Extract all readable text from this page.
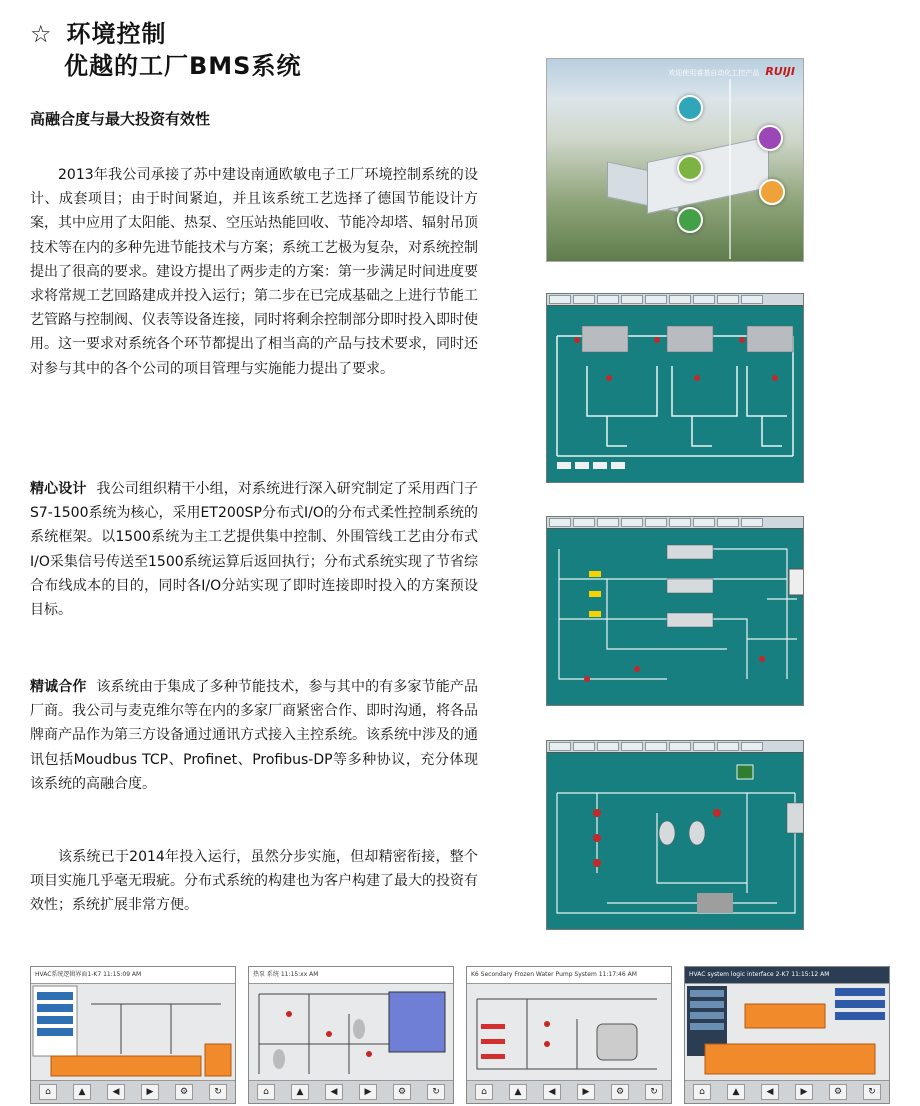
☆ 环境控制
优越的工厂BMS系统
高融合度与最大投资有效性
2013年我公司承接了苏中建设南通欧敏电子工厂环境控制系统的设计、成套项目；由于时间紧迫，并且该系统工艺选择了德国节能设计方案，其中应用了太阳能、热泵、空压站热能回收、节能冷却塔、辐射吊顶技术等在内的多种先进节能技术与方案；系统工艺极为复杂，对系统控制提出了很高的要求。建设方提出了两步走的方案：第一步满足时间进度要求将常规工艺回路建成并投入运行；第二步在已完成基础之上进行节能工艺管路与控制阀、仪表等设备连接，同时将剩余控制部分即时投入即时使用。这一要求对系统各个环节都提出了相当高的产品与技术要求，同时还对参与其中的各个公司的项目管理与实施能力提出了要求。
精心设计 我公司组织精干小组，对系统进行深入研究制定了采用西门子S7-1500系统为核心，采用ET200SP分布式I/O的分布式柔性控制系统的系统框架。以1500系统为主工艺提供集中控制、外围管线工艺由分布式I/O采集信号传送至1500系统运算后返回执行；分布式系统实现了节省综合布线成本的目的，同时各I/O分站实现了即时连接即时投入的方案预设目标。
精诚合作 该系统由于集成了多种节能技术，参与其中的有多家节能产品厂商。我公司与麦克维尔等在内的多家厂商紧密合作、即时沟通，将各品牌商产品作为第三方设备通过通讯方式接入主控系统。该系统中涉及的通讯包括Moudbus TCP、Profinet、Profibus-DP等多种协议，充分体现该系统的高融合度。
该系统已于2014年投入运行，虽然分步实施，但却精密衔接，整个项目实施几乎毫无瑕疵。分布式系统的构建也为客户构建了最大的投资有效性；系统扩展非常方便。
欢迎使用睿基自动化工控产品 RUIJI
HVAC系统逻辑界面1-K7 11:15:09 AM
⌂	▲	◀	▶	⚙	↻
热泵 系统 11:15:xx AM
⌂	▲	◀	▶	⚙	↻
K6 Secondary Frozen Water Pump System 11:17:46 AM
⌂	▲	◀	▶	⚙	↻
HVAC system logic interface 2-K7 11:15:12 AM
⌂	▲	◀	▶	⚙	↻
